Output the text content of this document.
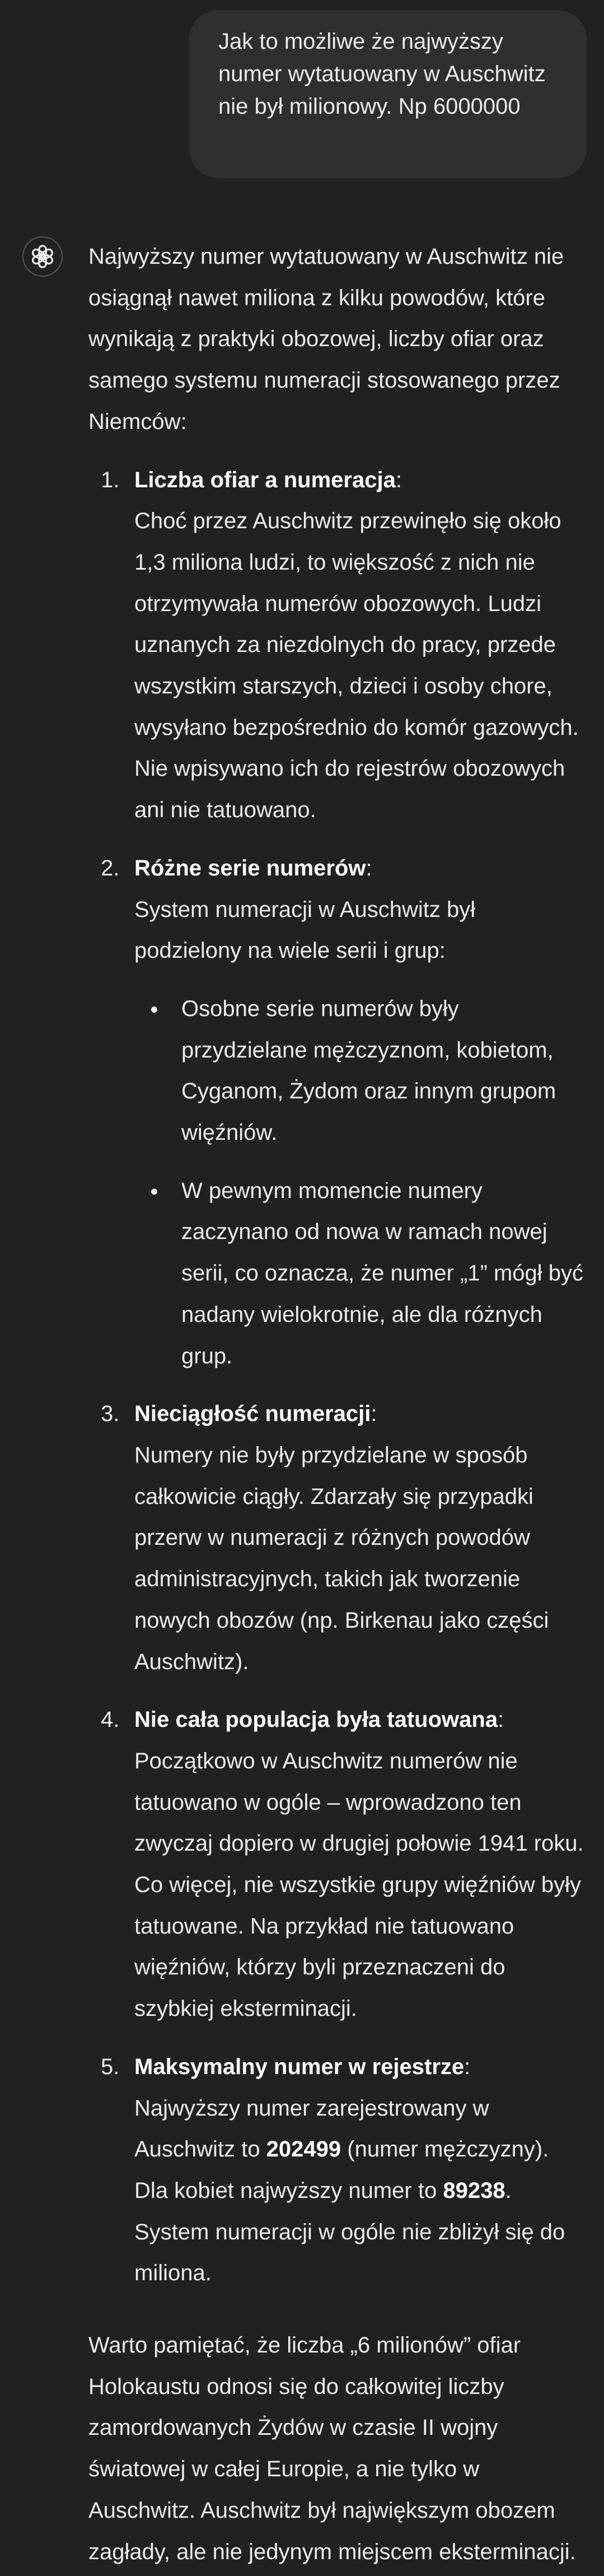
Jak to możliwe że najwyższy numer wytatuowany w Auschwitz nie był milionowy. Np 6000000

Najwyższy numer wytatuowany w Auschwitz nie osiągnął nawet miliona z kilku powodów, które wynikają z praktyki obozowej, liczby ofiar oraz samego systemu numeracji stosowanego przez Niemców:

1. Liczba ofiar a numeracja:
Choć przez Auschwitz przewinęło się około 1,3 miliona ludzi, to większość z nich nie otrzymywała numerów obozowych. Ludzi uznanych za niezdolnych do pracy, przede wszystkim starszych, dzieci i osoby chore, wysyłano bezpośrednio do komór gazowych. Nie wpisywano ich do rejestrów obozowych ani nie tatuowano.
2. Różne serie numerów:
System numeracji w Auschwitz był podzielony na wiele serii i grup:
Osobne serie numerów były przydzielane mężczyznom, kobietom, Cyganom, Żydom oraz innym grupom więźniów.
W pewnym momencie numery zaczynano od nowa w ramach nowej serii, co oznacza, że numer „1” mógł być nadany wielokrotnie, ale dla różnych grup.
3. Nieciągłość numeracji:
Numery nie były przydzielane w sposób całkowicie ciągły. Zdarzały się przypadki przerw w numeracji z różnych powodów administracyjnych, takich jak tworzenie nowych obozów (np. Birkenau jako części Auschwitz).
4. Nie cała populacja była tatuowana:
Początkowo w Auschwitz numerów nie tatuowano w ogóle – wprowadzono ten zwyczaj dopiero w drugiej połowie 1941 roku. Co więcej, nie wszystkie grupy więźniów były tatuowane. Na przykład nie tatuowano więźniów, którzy byli przeznaczeni do szybkiej eksterminacji.
5. Maksymalny numer w rejestrze:
Najwyższy numer zarejestrowany w Auschwitz to 202499 (numer mężczyzny). Dla kobiet najwyższy numer to 89238. System numeracji w ogóle nie zbliżył się do miliona.

Warto pamiętać, że liczba „6 milionów” ofiar Holokaustu odnosi się do całkowitej liczby zamordowanych Żydów w czasie II wojny światowej w całej Europie, a nie tylko w Auschwitz. Auschwitz był największym obozem zagłady, ale nie jedynym miejscem eksterminacji.
